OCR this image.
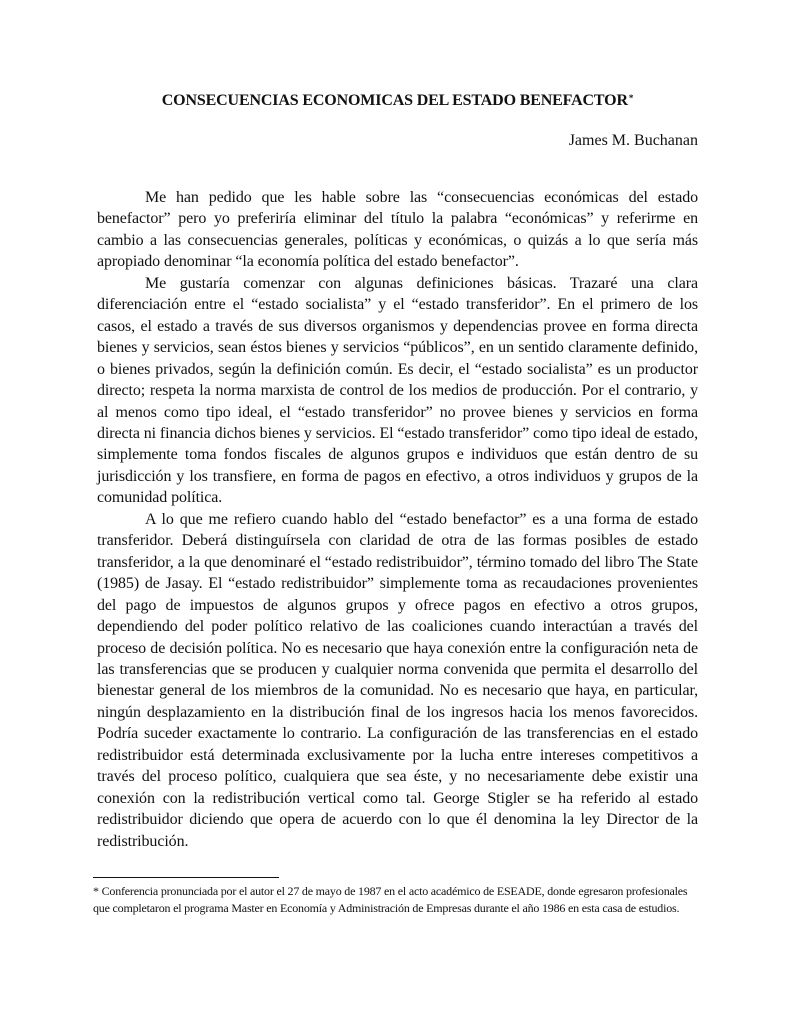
CONSECUENCIAS ECONOMICAS DEL ESTADO BENEFACTOR*

James M. Buchanan

Me han pedido que les hable sobre las “consecuencias económicas del estado benefactor” pero yo preferiría eliminar del título la palabra “económicas” y referirme en cambio a las consecuencias generales, políticas y económicas, o quizás a lo que sería más apropiado denominar “la economía política del estado benefactor”.

Me gustaría comenzar con algunas definiciones básicas. Trazaré una clara diferenciación entre el “estado socialista” y el “estado transferidor”. En el primero de los casos, el estado a través de sus diversos organismos y dependencias provee en forma directa bienes y servicios, sean éstos bienes y servicios “públicos”, en un sentido claramente definido, o bienes privados, según la definición común. Es decir, el “estado socialista” es un productor directo; respeta la norma marxista de control de los medios de producción. Por el contrario, y al menos como tipo ideal, el “estado transferidor” no provee bienes y servicios en forma directa ni financia dichos bienes y servicios. El “estado transferidor” como tipo ideal de estado, simplemente toma fondos fiscales de algunos grupos e individuos que están dentro de su jurisdicción y los transfiere, en forma de pagos en efectivo, a otros individuos y grupos de la comunidad política.

A lo que me refiero cuando hablo del “estado benefactor” es a una forma de estado transferidor. Deberá distinguírsela con claridad de otra de las formas posibles de estado transferidor, a la que denominaré el “estado redistribuidor”, término tomado del libro The State (1985) de Jasay. El “estado redistribuidor” simplemente toma as recaudaciones provenientes del pago de impuestos de algunos grupos y ofrece pagos en efectivo a otros grupos, dependiendo del poder político relativo de las coaliciones cuando interactúan a través del proceso de decisión política. No es necesario que haya conexión entre la configuración neta de las transferencias que se producen y cualquier norma convenida que permita el desarrollo del bienestar general de los miembros de la comunidad. No es necesario que haya, en particular, ningún desplazamiento en la distribución final de los ingresos hacia los menos favorecidos. Podría suceder exactamente lo contrario. La configuración de las transferencias en el estado redistribuidor está determinada exclusivamente por la lucha entre intereses competitivos a través del proceso político, cualquiera que sea éste, y no necesariamente debe existir una conexión con la redistribución vertical como tal. George Stigler se ha referido al estado redistribuidor diciendo que opera de acuerdo con lo que él denomina la ley Director de la redistribución.

* Conferencia pronunciada por el autor el 27 de mayo de 1987 en el acto académico de ESEADE, donde egresaron profesionales que completaron el programa Master en Economía y Administración de Empresas durante el año 1986 en esta casa de estudios.
